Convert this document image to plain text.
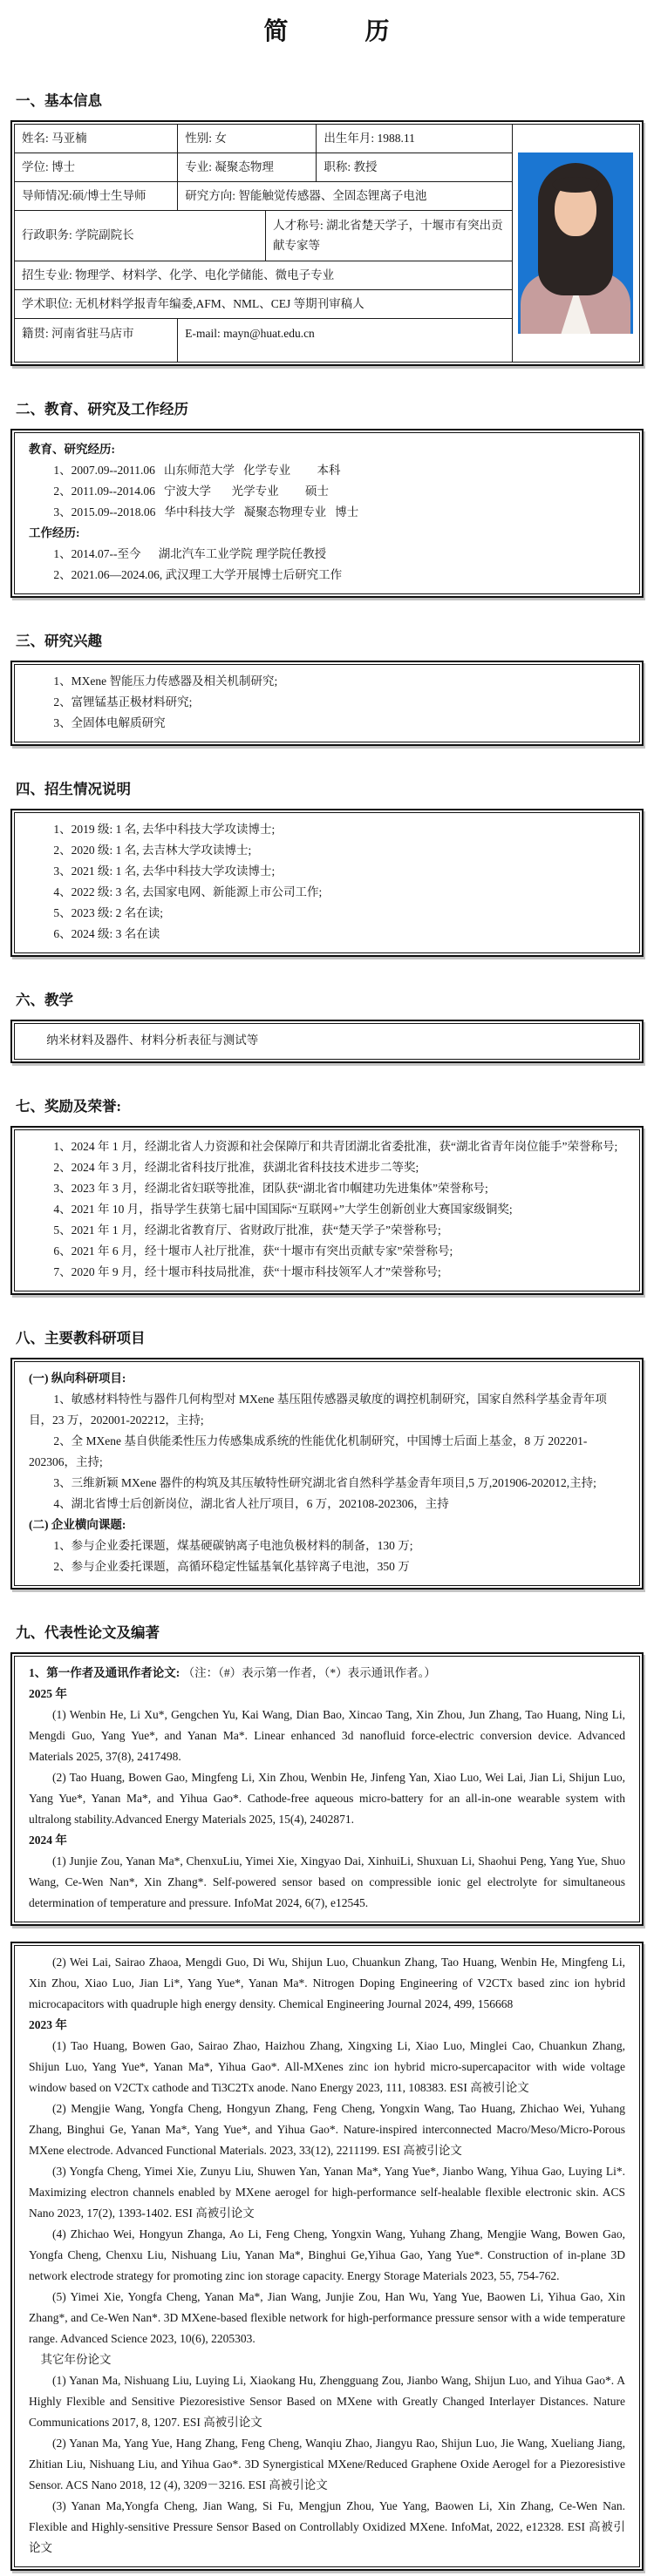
简　　　历
一、基本信息
姓名: 马亚楠	性别: 女		出生年月: 1988.11	

学位: 博士	专业: 凝聚态物理		职称: 教授	
导师情况:硕/博士生导师	研究方向: 智能触觉传感器、全固态锂离子电池			
行政职务: 学院副院长		人才称号: 湖北省楚天学子，十堰市有突出贡献专家等		
招生专业: 物理学、材料学、化学、电化学储能、微电子专业				
学术职位: 无机材料学报青年编委,AFM、NML、CEJ 等期刊审稿人				
籍贯: 河南省驻马店市	E-mail: mayn@huat.edu.cn			
二、教育、研究及工作经历

教育、研究经历:

1、2007.09--2011.06   山东师范大学   化学专业         本科

2、2011.09--2014.06   宁波大学       光学专业         硕士

3、2015.09--2018.06   华中科技大学   凝聚态物理专业   博士

工作经历:

1、2014.07--至今      湖北汽车工业学院 理学院任教授

2、2021.06—2024.06, 武汉理工大学开展博士后研究工作

三、研究兴趣

1、MXene 智能压力传感器及相关机制研究;

2、富锂锰基正极材料研究;

3、全固体电解质研究

四、招生情况说明

1、2019 级: 1 名, 去华中科技大学攻读博士;

2、2020 级: 1 名, 去吉林大学攻读博士;

3、2021 级: 1 名, 去华中科技大学攻读博士;

4、2022 级: 3 名, 去国家电网、新能源上市公司工作;

5、2023 级: 2 名在读;

6、2024 级: 3 名在读

六、教学

纳米材料及器件、材料分析表征与测试等

七、奖励及荣誉:

1、2024 年 1 月，经湖北省人力资源和社会保障厅和共青团湖北省委批准，获“湖北省青年岗位能手”荣誉称号;

2、2024 年 3 月，经湖北省科技厅批准，获湖北省科技技术进步二等奖;

3、2023 年 3 月，经湖北省妇联等批准，团队获“湖北省巾帼建功先进集体”荣誉称号;

4、2021 年 10 月，指导学生获第七届中国国际“互联网+”大学生创新创业大赛国家级铜奖;

5、2021 年 1 月，经湖北省教育厅、省财政厅批准，获“楚天学子”荣誉称号;

6、2021 年 6 月，经十堰市人社厅批准，获“十堰市有突出贡献专家”荣誉称号;

7、2020 年 9 月，经十堰市科技局批准，获“十堰市科技领军人才”荣誉称号;

八、主要教科研项目

(一) 纵向科研项目:

1、敏感材料特性与器件几何构型对 MXene 基压阻传感器灵敏度的调控机制研究，国家自然科学基金青年项目，23 万，202001-202212，主持;

2、全 MXene 基自供能柔性压力传感集成系统的性能优化机制研究，中国博士后面上基金，8 万 202201-202306，主持;

3、三维新颖 MXene 器件的构筑及其压敏特性研究湖北省自然科学基金青年项目,5 万,201906-202012,主持;

4、湖北省博士后创新岗位，湖北省人社厅项目，6 万，202108-202306，主持

(二) 企业横向课题:

1、参与企业委托课题，煤基硬碳钠离子电池负极材料的制备，130 万;

2、参与企业委托课题，高循环稳定性锰基氧化基锌离子电池，350 万

九、代表性论文及编著

1、第一作者及通讯作者论文: （注：（#）表示第一作者，（*）表示通讯作者。）

2025 年

(1) Wenbin He, Li Xu*, Gengchen Yu, Kai Wang, Dian Bao, Xincao Tang, Xin Zhou, Jun Zhang, Tao Huang, Ning Li, Mengdi Guo, Yang Yue*, and Yanan Ma*. Linear enhanced 3d nanofluid force-electric conversion device. Advanced Materials 2025, 37(8), 2417498.

(2) Tao Huang, Bowen Gao, Mingfeng Li, Xin Zhou, Wenbin He, Jinfeng Yan, Xiao Luo, Wei Lai, Jian Li, Shijun Luo, Yang Yue*, Yanan Ma*, and Yihua Gao*. Cathode-free aqueous micro-battery for an all-in-one wearable system with ultralong stability.Advanced Energy Materials 2025, 15(4), 2402871.

2024 年

(1) Junjie Zou, Yanan Ma*, ChenxuLiu, Yimei Xie, Xingyao Dai, XinhuiLi, Shuxuan Li, Shaohui Peng, Yang Yue, Shuo Wang, Ce-Wen Nan*, Xin Zhang*. Self-powered sensor based on compressible ionic gel electrolyte for simultaneous determination of temperature and pressure. InfoMat 2024, 6(7), e12545.

(2) Wei Lai, Sairao Zhaoa, Mengdi Guo, Di Wu, Shijun Luo, Chuankun Zhang, Tao Huang, Wenbin He, Mingfeng Li, Xin Zhou, Xiao Luo, Jian Li*, Yang Yue*, Yanan Ma*. Nitrogen Doping Engineering of V2CTx based zinc ion hybrid microcapacitors with quadruple high energy density. Chemical Engineering Journal 2024, 499, 156668

2023 年

(1) Tao Huang, Bowen Gao, Sairao Zhao, Haizhou Zhang, Xingxing Li, Xiao Luo, Minglei Cao, Chuankun Zhang, Shijun Luo, Yang Yue*, Yanan Ma*, Yihua Gao*. All-MXenes zinc ion hybrid micro-supercapacitor with wide voltage window based on V2CTx cathode and Ti3C2Tx anode. Nano Energy 2023, 111, 108383. ESI 高被引论文

(2) Mengjie Wang, Yongfa Cheng, Hongyun Zhang, Feng Cheng, Yongxin Wang, Tao Huang, Zhichao Wei, Yuhang Zhang, Binghui Ge, Yanan Ma*, Yang Yue*, and Yihua Gao*. Nature-inspired interconnected Macro/Meso/Micro-Porous MXene electrode. Advanced Functional Materials. 2023, 33(12), 2211199. ESI 高被引论文

(3) Yongfa Cheng, Yimei Xie, Zunyu Liu, Shuwen Yan, Yanan Ma*, Yang Yue*, Jianbo Wang, Yihua Gao, Luying Li*. Maximizing electron channels enabled by MXene aerogel for high-performance self-healable flexible electronic skin. ACS Nano 2023, 17(2), 1393-1402. ESI 高被引论文

(4) Zhichao Wei, Hongyun Zhanga, Ao Li, Feng Cheng, Yongxin Wang, Yuhang Zhang, Mengjie Wang, Bowen Gao, Yongfa Cheng, Chenxu Liu, Nishuang Liu, Yanan Ma*, Binghui Ge,Yihua Gao, Yang Yue*. Construction of in-plane 3D network electrode strategy for promoting zinc ion storage capacity. Energy Storage Materials 2023, 55, 754-762.

(5) Yimei Xie, Yongfa Cheng, Yanan Ma*, Jian Wang, Junjie Zou, Han Wu, Yang Yue, Baowen Li, Yihua Gao, Xin Zhang*, and Ce-Wen Nan*. 3D MXene-based flexible network for high-performance pressure sensor with a wide temperature range. Advanced Science 2023, 10(6), 2205303.

其它年份论文

(1) Yanan Ma, Nishuang Liu, Luying Li, Xiaokang Hu, Zhengguang Zou, Jianbo Wang, Shijun Luo, and Yihua Gao*. A Highly Flexible and Sensitive Piezoresistive Sensor Based on MXene with Greatly Changed Interlayer Distances. Nature Communications 2017, 8, 1207. ESI 高被引论文

(2) Yanan Ma, Yang Yue, Hang Zhang, Feng Cheng, Wanqiu Zhao, Jiangyu Rao, Shijun Luo, Jie Wang, Xueliang Jiang, Zhitian Liu, Nishuang Liu, and Yihua Gao*. 3D Synergistical MXene/Reduced Graphene Oxide Aerogel for a Piezoresistive Sensor. ACS Nano 2018, 12 (4), 3209－3216. ESI 高被引论文

(3) Yanan Ma,Yongfa Cheng, Jian Wang, Si Fu, Mengjun Zhou, Yue Yang, Baowen Li, Xin Zhang, Ce-Wen Nan. Flexible and Highly-sensitive Pressure Sensor Based on Controllably Oxidized MXene. InfoMat, 2022, e12328. ESI 高被引论文
